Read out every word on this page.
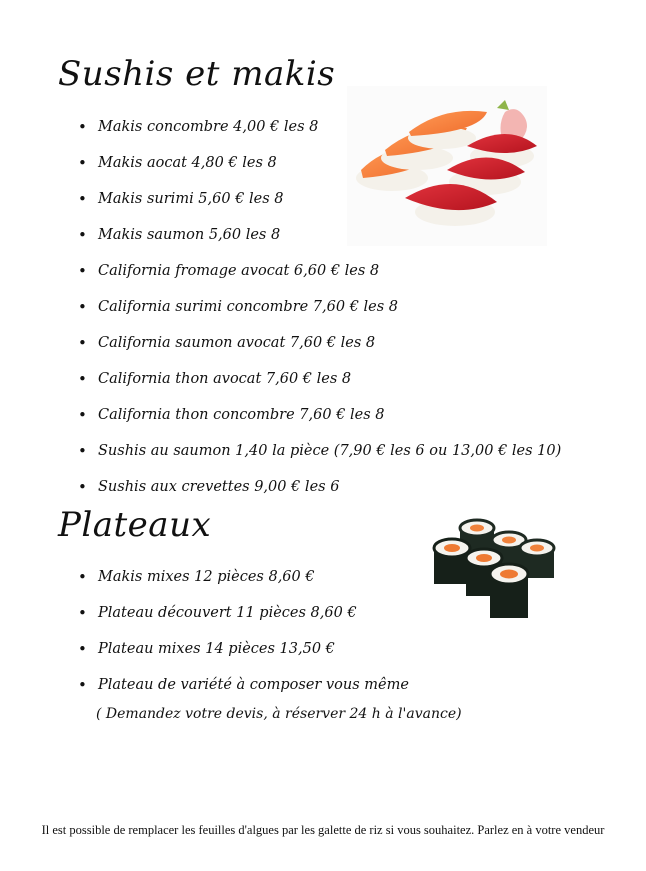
Sushis et makis
• Makis concombre 4,00 € les 8
• Makis aocat 4,80 € les 8
• Makis surimi 5,60 € les 8
• Makis saumon 5,60 les 8
• California fromage avocat 6,60 € les 8
• California surimi concombre 7,60 € les 8
• California saumon avocat 7,60 € les 8
• California thon avocat 7,60 € les 8
• California thon concombre 7,60 € les 8
• Sushis au saumon 1,40 la pièce (7,90 € les 6 ou 13,00 € les 10)
• Sushis aux crevettes 9,00 € les 6
Plateaux
• Makis mixes 12 pièces 8,60 €
• Plateau découvert 11 pièces 8,60 €
• Plateau mixes 14 pièces 13,50 €
• Plateau de variété à composer vous même
( Demandez votre devis, à réserver 24 h à l'avance)
Il est possible de remplacer les feuilles d'algues par les galette de riz si vous souhaitez. Parlez en à votre vendeur
